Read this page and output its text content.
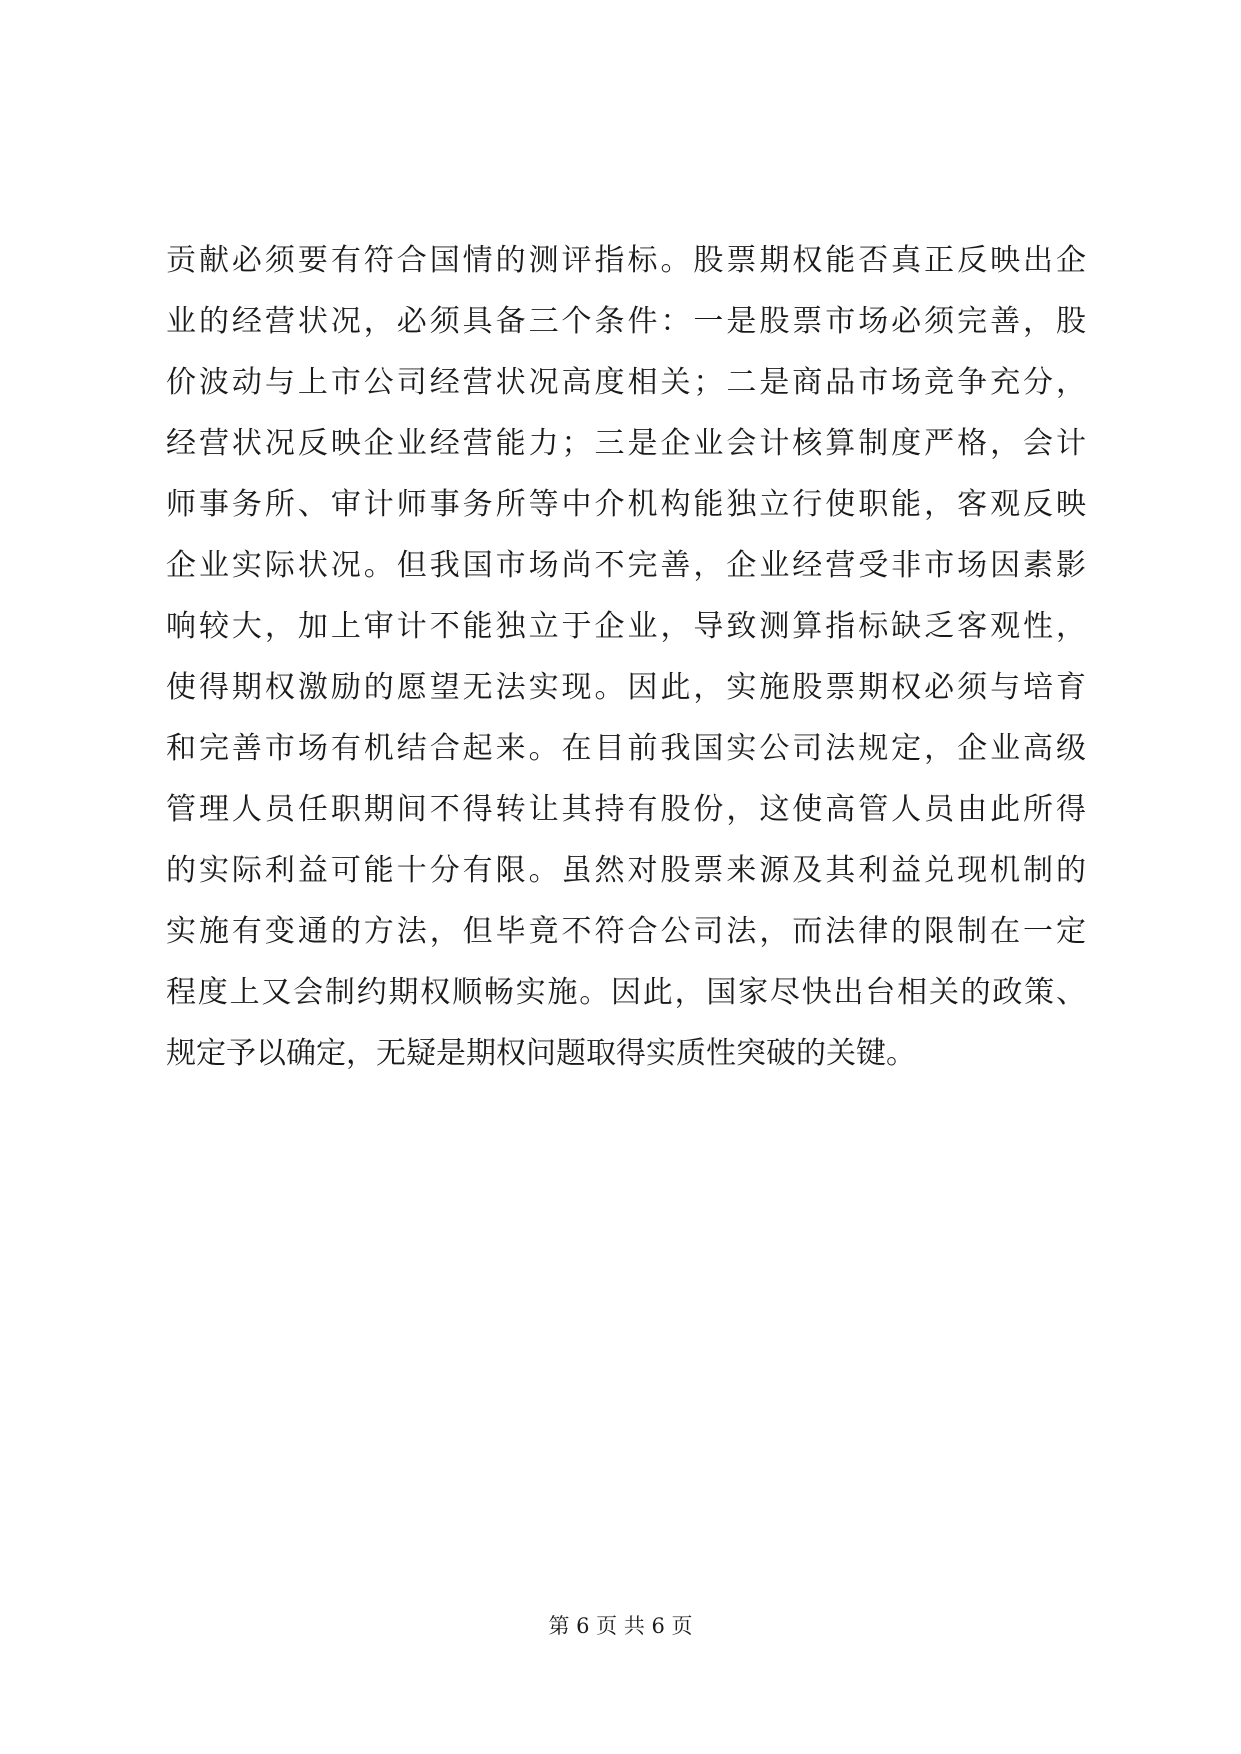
贡献必须要有符合国情的测评指标。股票期权能否真正反映出企
业的经营状况，必须具备三个条件：一是股票市场必须完善，股
价波动与上市公司经营状况高度相关；二是商品市场竞争充分，
经营状况反映企业经营能力；三是企业会计核算制度严格，会计
师事务所、审计师事务所等中介机构能独立行使职能，客观反映
企业实际状况。但我国市场尚不完善，企业经营受非市场因素影
响较大，加上审计不能独立于企业，导致测算指标缺乏客观性，
使得期权激励的愿望无法实现。因此，实施股票期权必须与培育
和完善市场有机结合起来。在目前我国实公司法规定，企业高级
管理人员任职期间不得转让其持有股份，这使高管人员由此所得
的实际利益可能十分有限。虽然对股票来源及其利益兑现机制的
实施有变通的方法，但毕竟不符合公司法，而法律的限制在一定
程度上又会制约期权顺畅实施。因此，国家尽快出台相关的政策、
规定予以确定，无疑是期权问题取得实质性突破的关键。
第 6 页 共 6 页
